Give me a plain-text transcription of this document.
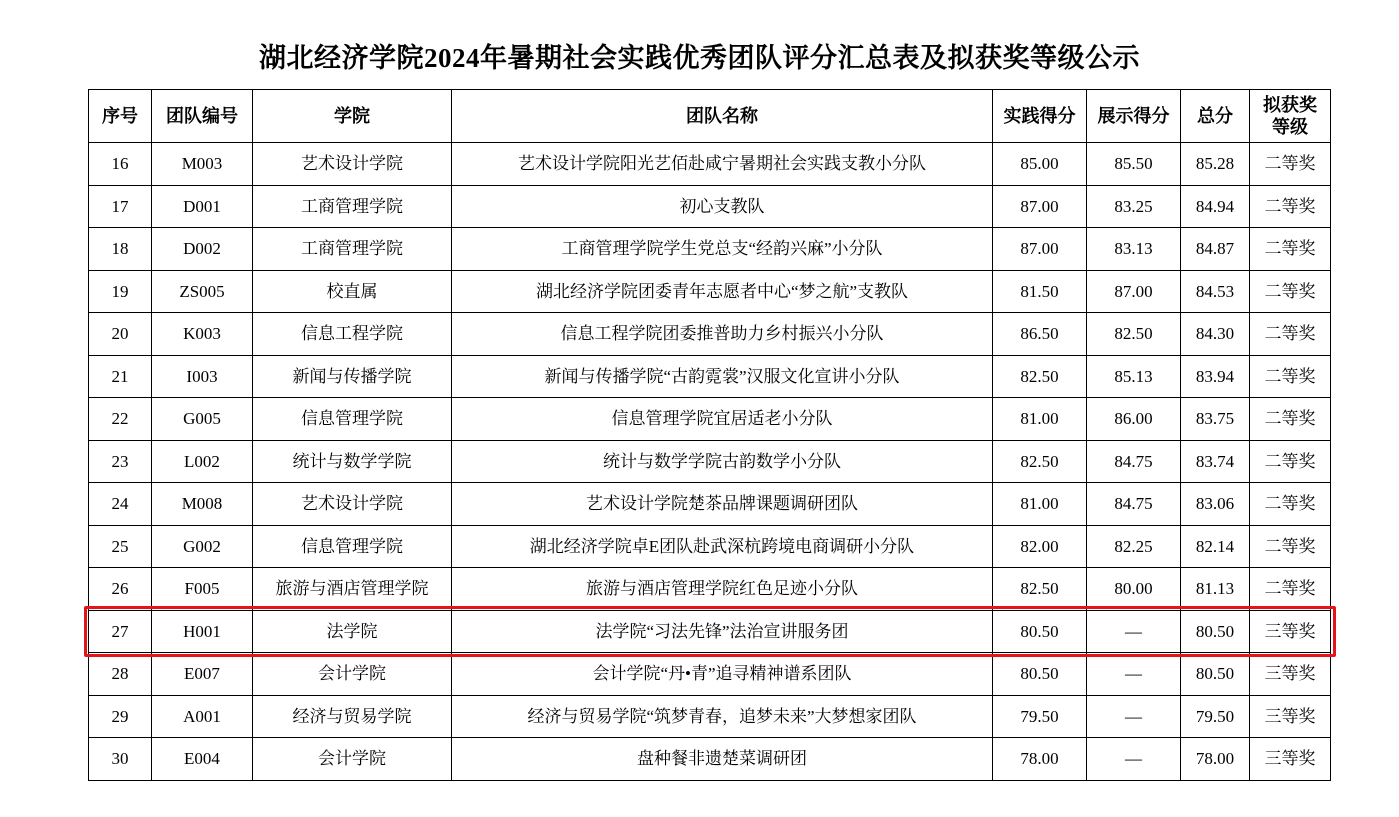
湖北经济学院2024年暑期社会实践优秀团队评分汇总表及拟获奖等级公示
序号	团队编号	学院	团队名称	实践得分	展示得分	总分	拟获奖
等级
16	M003	艺术设计学院	艺术设计学院阳光艺佰赴咸宁暑期社会实践支教小分队	85.00	85.50	85.28	二等奖
17	D001	工商管理学院	初心支教队	87.00	83.25	84.94	二等奖
18	D002	工商管理学院	工商管理学院学生党总支“经韵兴麻”小分队	87.00	83.13	84.87	二等奖
19	ZS005	校直属	湖北经济学院团委青年志愿者中心“梦之航”支教队	81.50	87.00	84.53	二等奖
20	K003	信息工程学院	信息工程学院团委推普助力乡村振兴小分队	86.50	82.50	84.30	二等奖
21	I003	新闻与传播学院	新闻与传播学院“古韵霓裳”汉服文化宣讲小分队	82.50	85.13	83.94	二等奖
22	G005	信息管理学院	信息管理学院宜居适老小分队	81.00	86.00	83.75	二等奖
23	L002	统计与数学学院	统计与数学学院古韵数学小分队	82.50	84.75	83.74	二等奖
24	M008	艺术设计学院	艺术设计学院楚茶品牌课题调研团队	81.00	84.75	83.06	二等奖
25	G002	信息管理学院	湖北经济学院卓E团队赴武深杭跨境电商调研小分队	82.00	82.25	82.14	二等奖
26	F005	旅游与酒店管理学院	旅游与酒店管理学院红色足迹小分队	82.50	80.00	81.13	二等奖
27	H001	法学院	法学院“习法先锋”法治宣讲服务团	80.50	—	80.50	三等奖
28	E007	会计学院	会计学院“丹•青”追寻精神谱系团队	80.50	—	80.50	三等奖
29	A001	经济与贸易学院	经济与贸易学院“筑梦青春，追梦未来”大梦想家团队	79.50	—	79.50	三等奖
30	E004	会计学院	盘种餐非遗楚菜调研团	78.00	—	78.00	三等奖
